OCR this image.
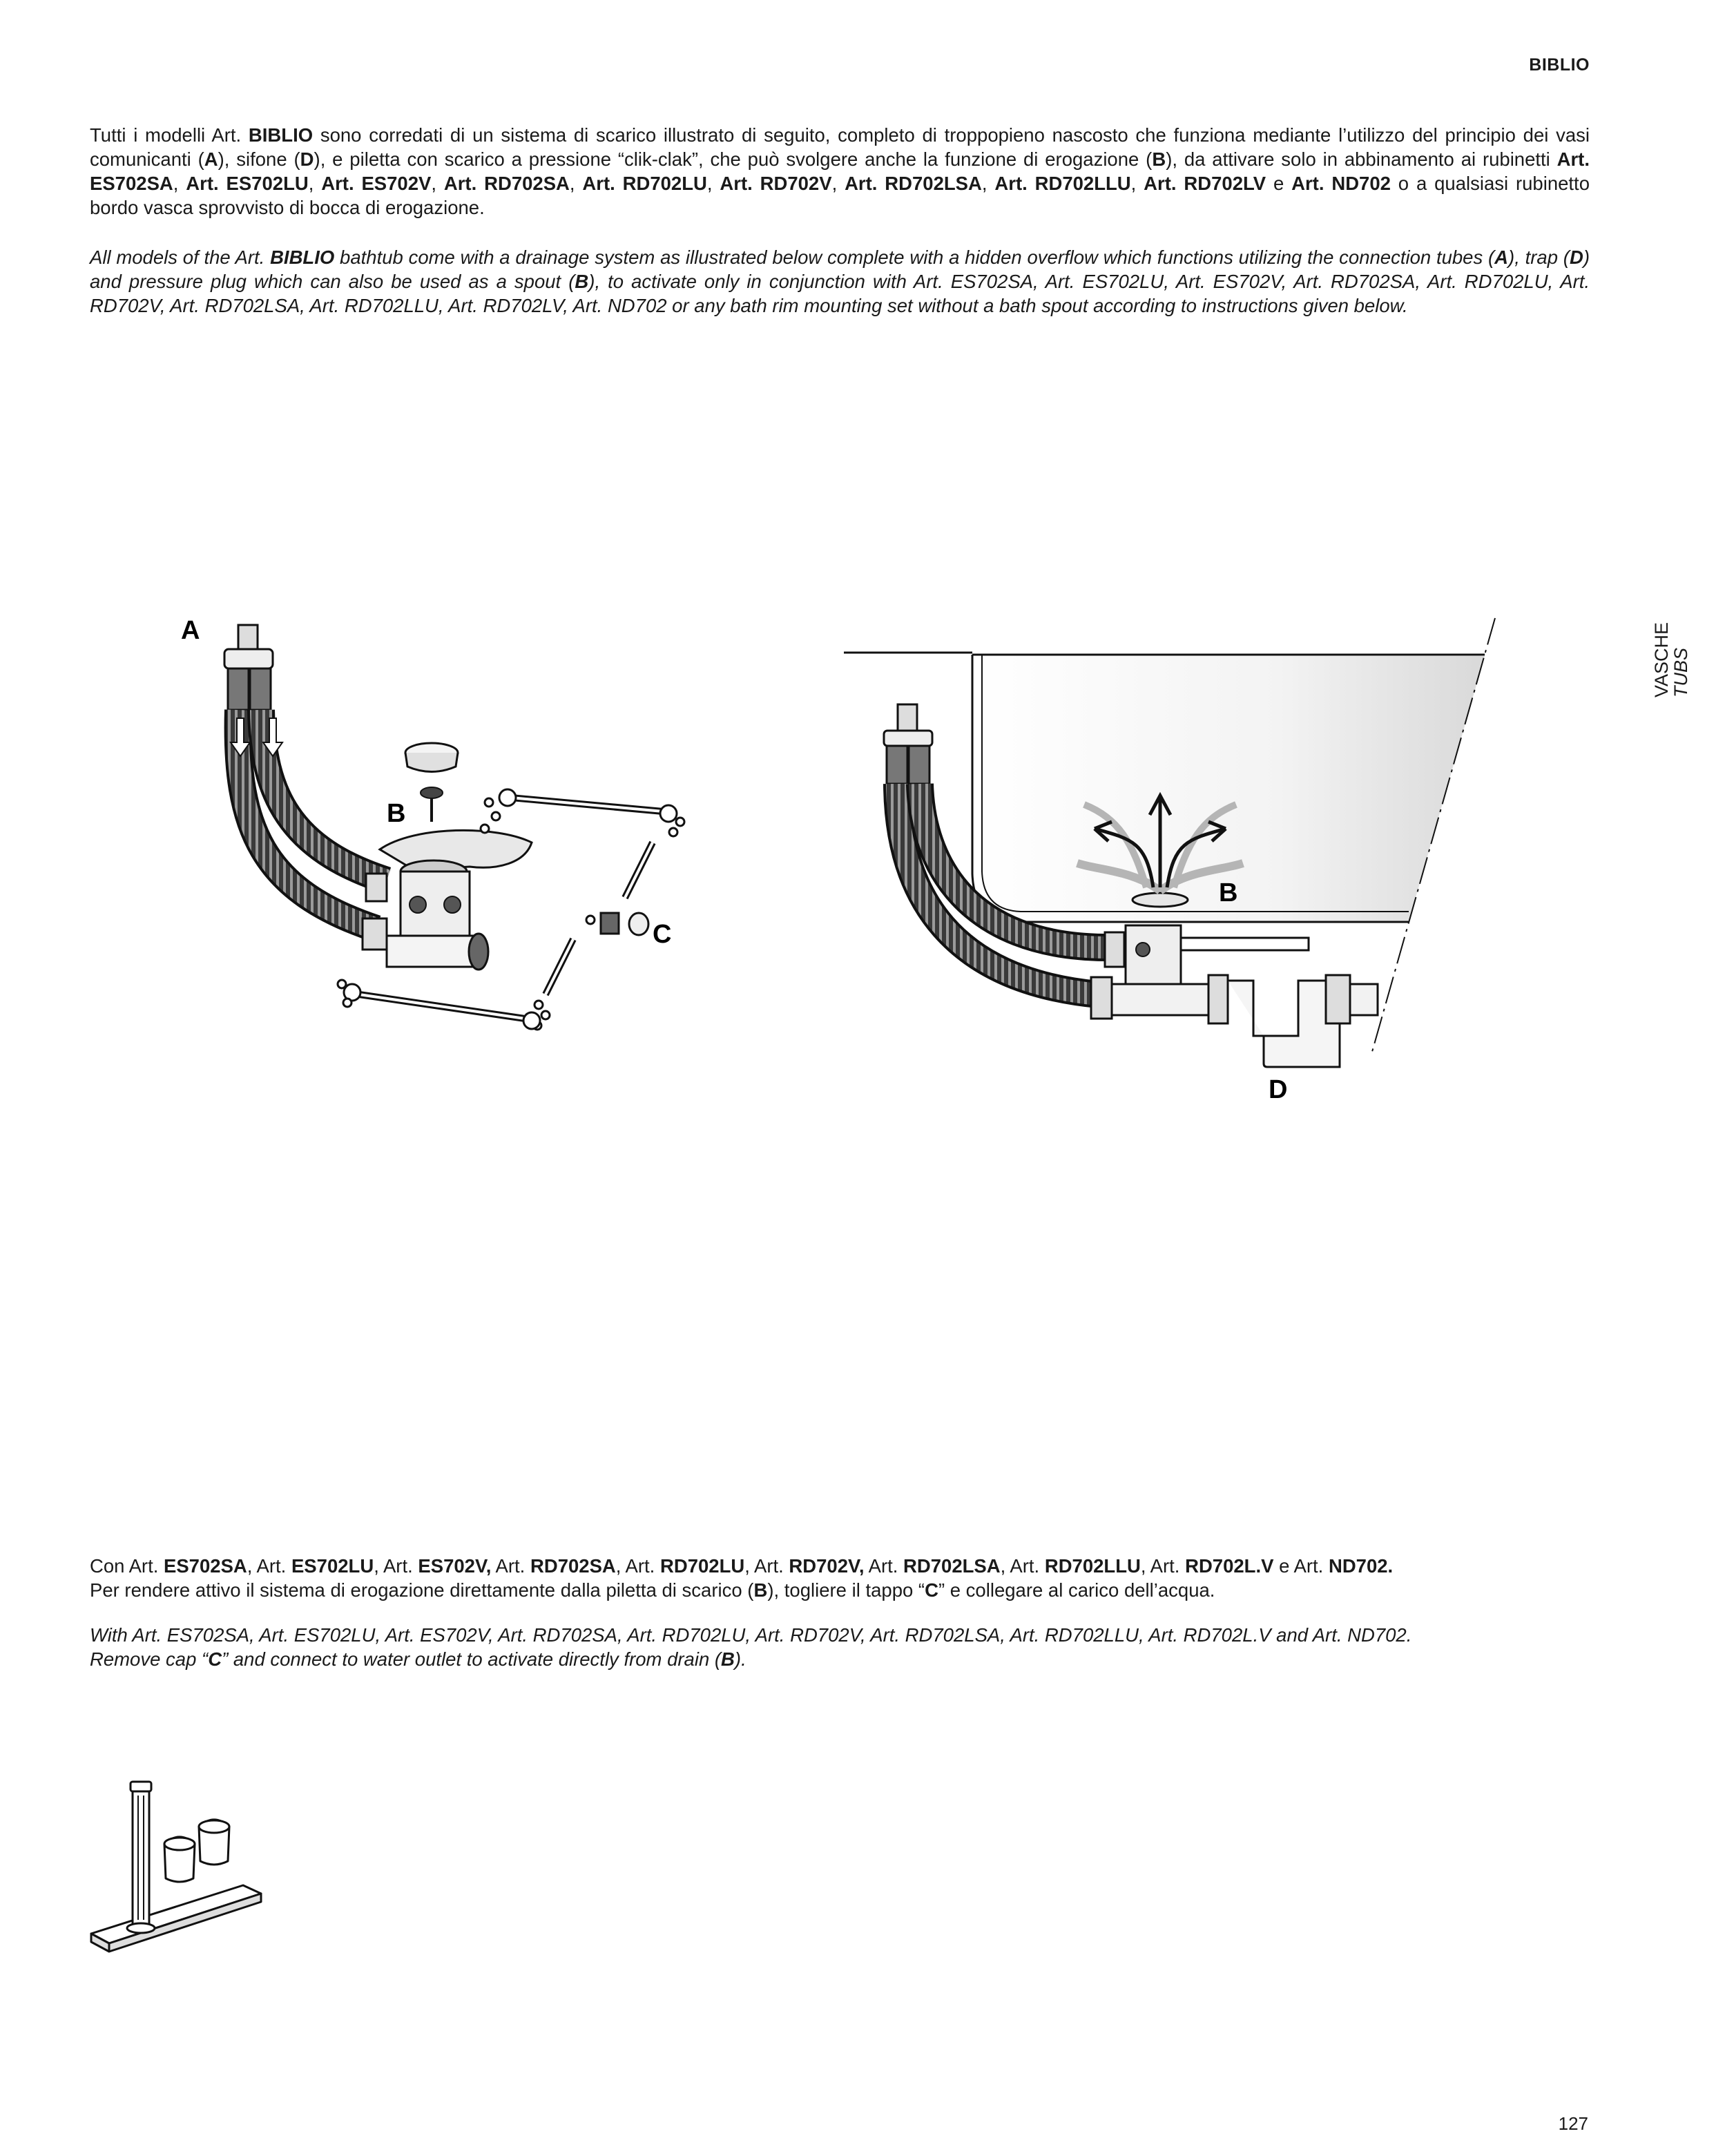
BIBLIO
VASCHE
TUBS

Tutti i modelli Art. BIBLIO sono corredati di un sistema di scarico illustrato di seguito, completo di troppopieno nascosto che funziona mediante l’utilizzo del principio dei vasi comunicanti (A), sifone (D), e piletta con scarico a pressione “clik-clak”, che può svolgere anche la funzione di erogazione (B), da attivare solo in abbinamento ai rubinetti Art. ES702SA, Art. ES702LU, Art. ES702V, Art. RD702SA, Art. RD702LU, Art. RD702V, Art. RD702LSA, Art. RD702LLU, Art. RD702LV e Art. ND702 o a qualsiasi rubinetto bordo vasca sprovvisto di bocca di erogazione.

All models of the Art. BIBLIO bathtub come with a drainage system as illustrated below complete with a hidden overflow which functions utilizing the connection tubes (A), trap (D) and pressure plug which can also be used as a spout (B), to activate only in conjunction with Art. ES702SA, Art. ES702LU, Art. ES702V, Art. RD702SA, Art. RD702LU, Art. RD702V, Art. RD702LSA, Art. RD702LLU, Art. RD702LV, Art. ND702 or any bath rim mounting set without a bath spout according to instructions given below.

A
B
C
B
D
Con Art. ES702SA, Art. ES702LU, Art. ES702V, Art. RD702SA, Art. RD702LU, Art. RD702V, Art. RD702LSA, Art. RD702LLU, Art. RD702L.V e Art. ND702.
Per rendere attivo il sistema di erogazione direttamente dalla piletta di scarico (B), togliere il tappo “C” e collegare al carico dell’acqua.
With Art. ES702SA, Art. ES702LU, Art. ES702V, Art. RD702SA, Art. RD702LU, Art. RD702V, Art. RD702LSA, Art. RD702LLU, Art. RD702L.V and Art. ND702.
Remove cap “C” and connect to water outlet to activate directly from drain (B).
127
